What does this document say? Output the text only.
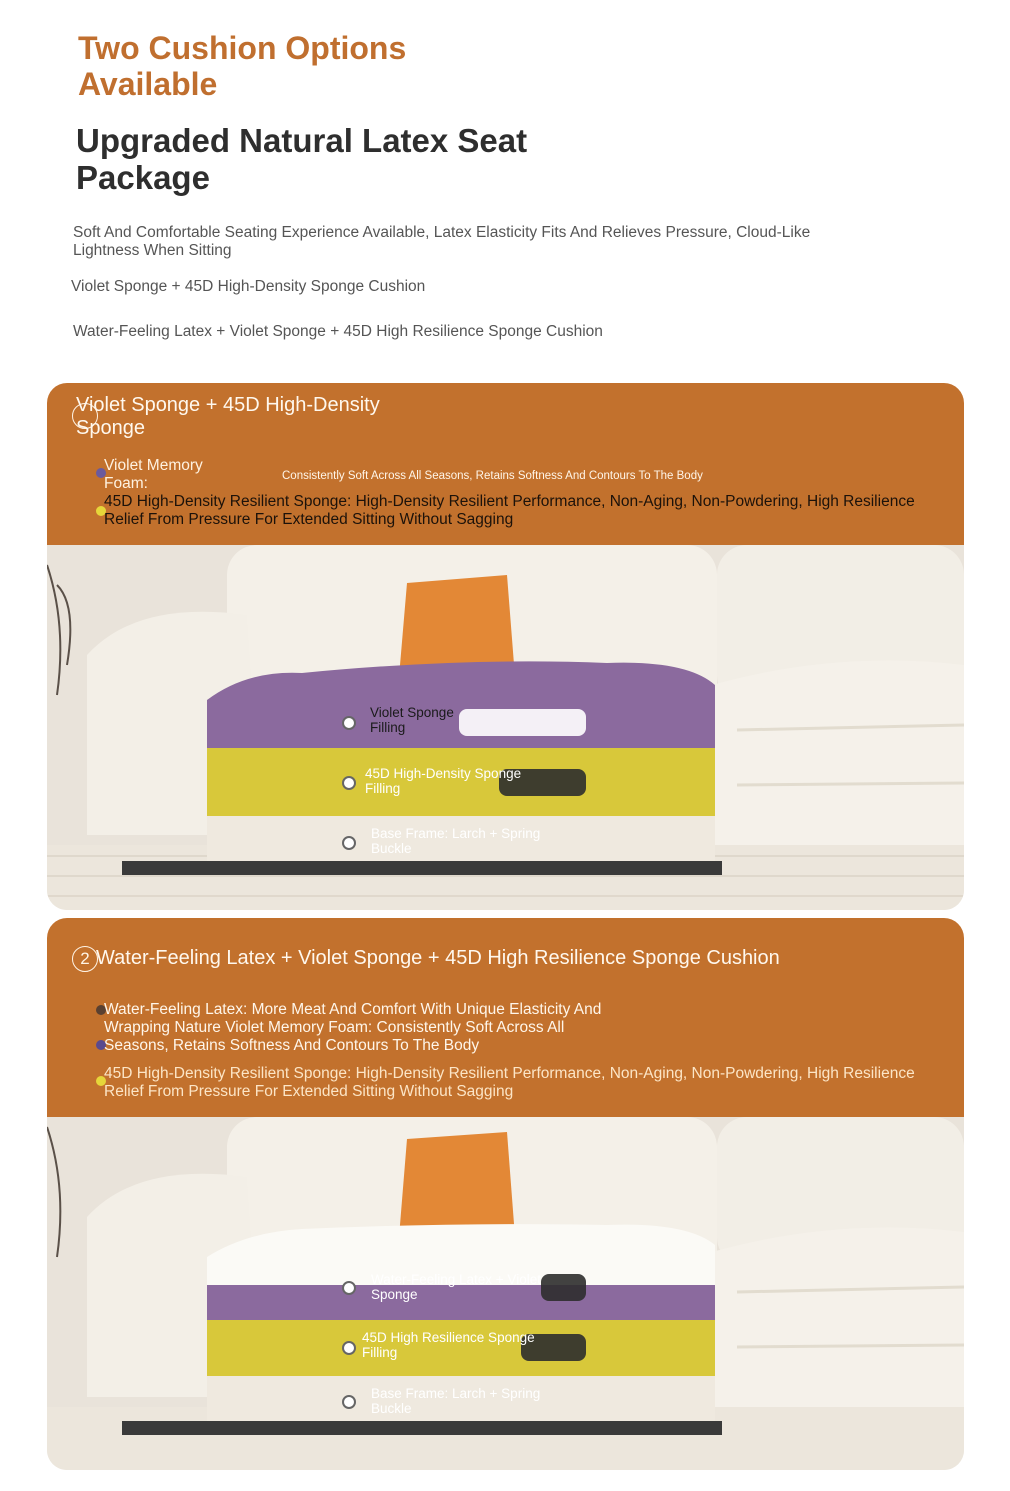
Two Cushion Options Available
Upgraded Natural Latex Seat Package
Soft And Comfortable Seating Experience Available, Latex Elasticity Fits And Relieves Pressure, Cloud-Like Lightness When Sitting
Violet Sponge + 45D High-Density Sponge Cushion
Water-Feeling Latex + Violet Sponge + 45D High Resilience Sponge Cushion
Violet Sponge + 45D High-Density Sponge
Violet Memory Foam:	Consistently Soft Across All Seasons, Retains Softness And Contours To The Body
45D High-Density Resilient Sponge: High-Density Resilient Performance, Non-Aging, Non-Powdering, High Resilience Relief From Pressure For Extended Sitting Without Sagging
Violet Sponge Filling
45D High-Density Sponge Filling
Base Frame: Larch + Spring Buckle
2 Water-Feeling Latex + Violet Sponge + 45D High Resilience Sponge Cushion
Water-Feeling Latex: More Meat And Comfort With Unique Elasticity And Wrapping Nature Violet Memory Foam: Consistently Soft Across All Seasons, Retains Softness And Contours To The Body
45D High-Density Resilient Sponge: High-Density Resilient Performance, Non-Aging, Non-Powdering, High Resilience Relief From Pressure For Extended Sitting Without Sagging
Water-Feeling Latex + Violet Sponge
45D High Resilience Sponge Filling
Base Frame: Larch + Spring Buckle
